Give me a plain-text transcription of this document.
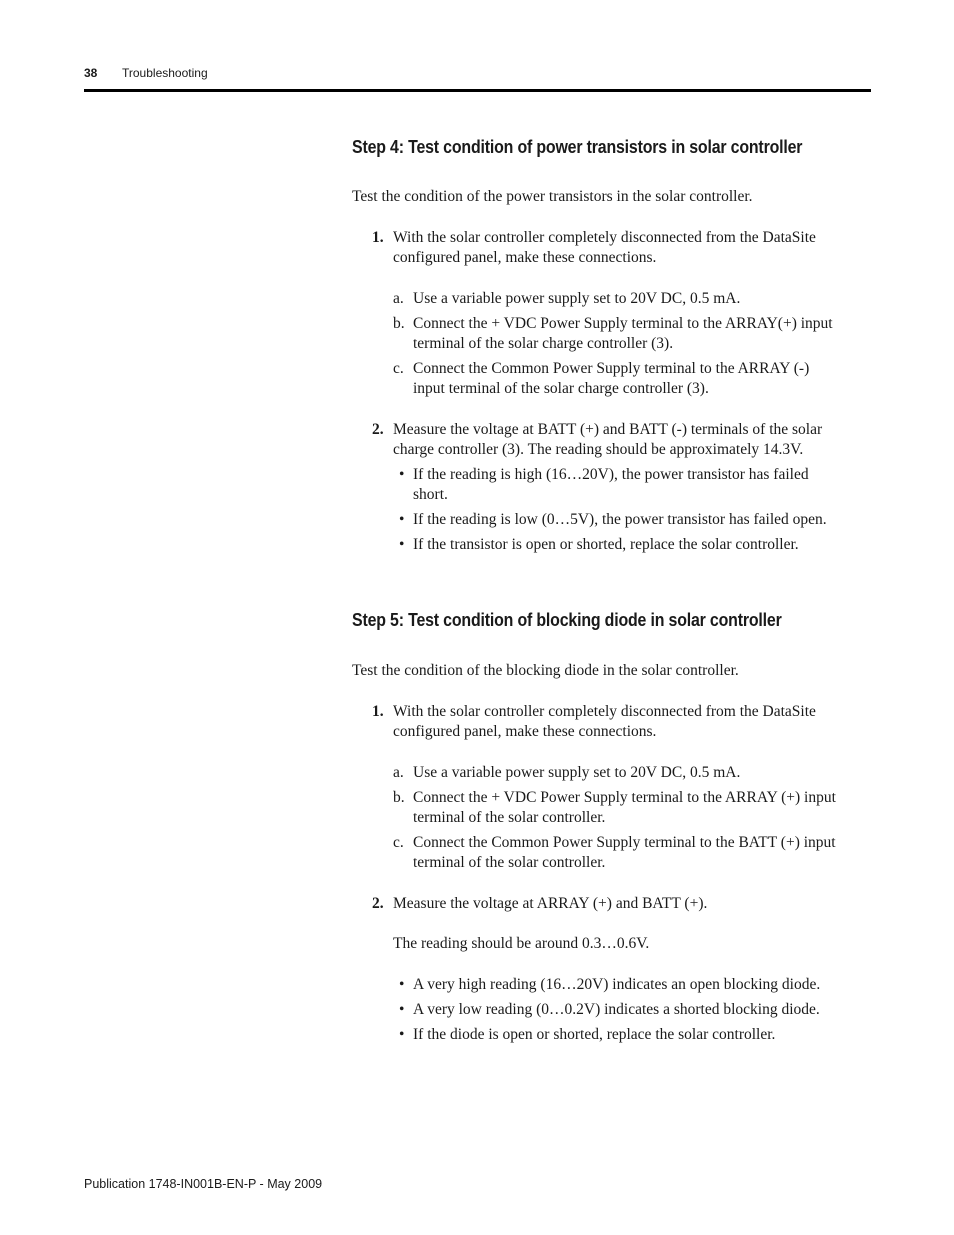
38 Troubleshooting
Step 4: Test condition of power transistors in solar controller
Test the condition of the power transistors in the solar controller.
1. With the solar controller completely disconnected from the DataSite
configured panel, make these connections.
a. Use a variable power supply set to 20V DC, 0.5 mA.
b. Connect the + VDC Power Supply terminal to the ARRAY(+) input
terminal of the solar charge controller (3).
c. Connect the Common Power Supply terminal to the ARRAY (-)
input terminal of the solar charge controller (3).
2. Measure the voltage at BATT (+) and BATT (-) terminals of the solar
charge controller (3). The reading should be approximately 14.3V.
• If the reading is high (16…20V), the power transistor has failed
short.
• If the reading is low (0…5V), the power transistor has failed open.
• If the transistor is open or shorted, replace the solar controller.
Step 5: Test condition of blocking diode in solar controller
Test the condition of the blocking diode in the solar controller.
1. With the solar controller completely disconnected from the DataSite
configured panel, make these connections.
a. Use a variable power supply set to 20V DC, 0.5 mA.
b. Connect the + VDC Power Supply terminal to the ARRAY (+) input
terminal of the solar controller.
c. Connect the Common Power Supply terminal to the BATT (+) input
terminal of the solar controller.
2. Measure the voltage at ARRAY (+) and BATT (+).
The reading should be around 0.3…0.6V.
• A very high reading (16…20V) indicates an open blocking diode.
• A very low reading (0…0.2V) indicates a shorted blocking diode.
• If the diode is open or shorted, replace the solar controller.
Publication 1748-IN001B-EN-P - May 2009
